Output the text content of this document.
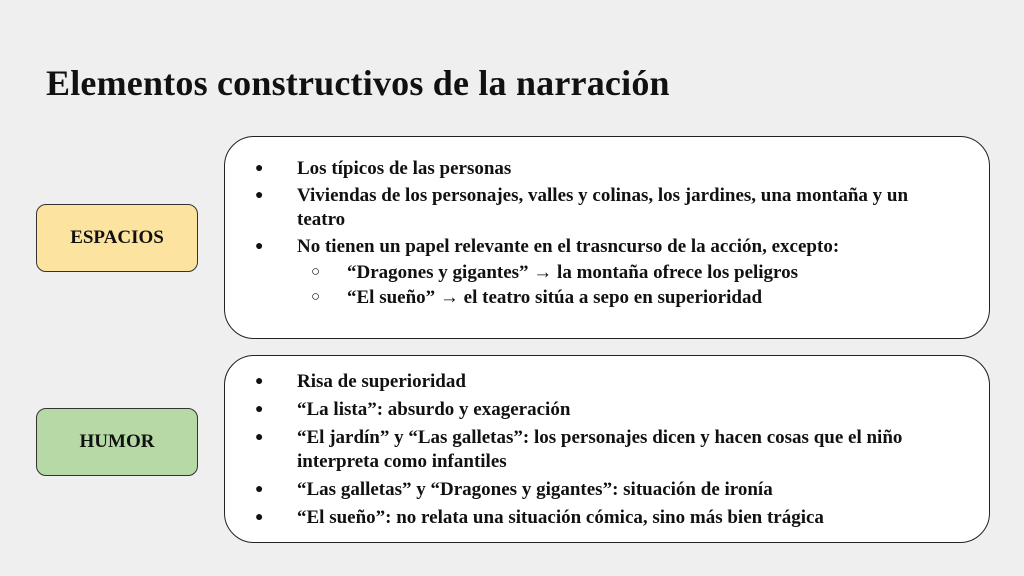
Elementos constructivos de la narración
ESPACIOS
●	Los típicos de las personas
●	Viviendas de los personajes, valles y colinas, los jardines, una montaña y un teatro
●	No tienen un papel relevante en el trasncurso de la acción, excepto:
○	“Dragones y gigantes” → la montaña ofrece los peligros
○	“El sueño” → el teatro sitúa a sepo en superioridad
HUMOR
●	Risa de superioridad
●	“La lista”: absurdo y exageración
●	“El jardín” y “Las galletas”: los personajes dicen y hacen cosas que el niño interpreta como infantiles
●	“Las galletas” y “Dragones y gigantes”: situación de ironía
●	“El sueño”: no relata una situación cómica, sino más bien trágica
